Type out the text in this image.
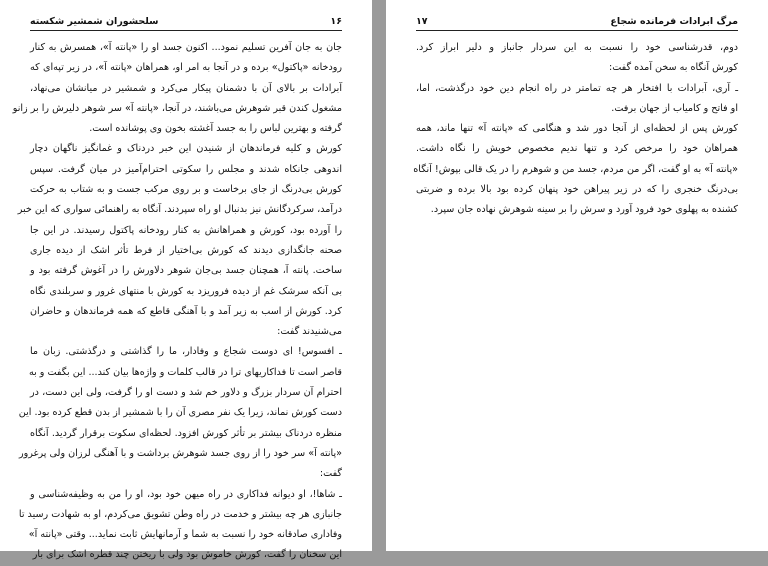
۱۶
سلحشوران شمشیر شکسته
جان به جان آفرین تسلیم نمود... اکنون جسد او را «پانته آ»، همسرش به کنار
رودخانه «پاکتول» برده و در آنجا به امر او، همراهان «پانته آ»، در زیر تپه‌ای که
آبرادات بر بالای آن با دشمنان پیکار می‌کرد و شمشیر در میانشان می‌نهاد،
مشغول کندن قبر شوهرش می‌باشند، در آنجا، «پانته آ» سر شوهر دلیرش را بر زانو
گرفته و بهترین لباس را به جسد آغشته بخون وی پوشانده است.
کورش و کلیه فرماندهان از شنیدن این خبر دردناک و غمانگیز ناگهان دچار
اندوهی جانکاه شدند و مجلس را سکوتی احترام‌آمیز در میان گرفت. سپس
کورش بی‌درنگ از جای برخاست و بر روی مرکب جست و به شتاب به حرکت
درآمد، سرکردگانش نیز بدنبال او راه سپردند. آنگاه به راهنمائی سواری که این خبر
را آورده بود، کورش و همراهانش به کنار رودخانه پاکتول رسیدند. در این جا
صحنه جانگدازی دیدند که کورش بی‌اختیار از فرط تأثر اشک از دیده جاری
ساخت. پانته آ، همچنان جسد بی‌جان شوهر دلاورش را در آغوش گرفته بود و
بی آنکه سرشک غم از دیده فروریزد به کورش با منتهای غرور و سربلندی نگاه
کرد. کورش از اسب به زیر آمد و با آهنگی قاطع که همه فرماندهان و حاضران
می‌شنیدند گفت:
ـ افسوس! ای دوست شجاع و وفادار، ما را گذاشتی و درگذشتی. زبان ما
قاصر است تا فداکاریهای ترا در قالب کلمات و واژه‌ها بیان کند... این بگفت و به
احترام آن سردار بزرگ و دلاور خم شد و دست او را گرفت، ولی این دست، در
دست کورش نماند، زیرا یک نفر مصری آن را با شمشیر از بدن قطع کرده بود. این
منظره دردناک بیشتر بر تأثر کورش افزود. لحظه‌ای سکوت برقرار گردید. آنگاه
«پانته آ» سر خود را از روی جسد شوهرش برداشت و با آهنگی لرزان ولی پرغرور
گفت:
ـ شاها!، او دیوانه فداکاری در راه میهن خود بود، او را من به وظیفه‌شناسی و
جانبازی هر چه بیشتر و خدمت در راه وطن تشویق می‌کردم، او به شهادت رسید تا
وفاداری صادقانه خود را نسبت به شما و آرمانهایش ثابت نماید... وقتی «پانته آ»
این سخنان را گفت، کورش خاموش بود ولی با ریختن چند قطره اشک برای بار
مرگ ابرادات فرمانده شجاع
۱۷
دوم، قدرشناسی خود را نسبت به این سردار جانباز و دلیر ابراز کرد.
کورش آنگاه به سخن آمده گفت:
ـ آری، آبرادات با افتخار هر چه تمامتر در راه انجام دین خود درگذشت، اما،
او فاتح و کامیاب از جهان برفت.
کورش پس از لحظه‌ای از آنجا دور شد و هنگامی که «پانته آ» تنها ماند، همه
همراهان خود را مرخص کرد و تنها ندیم مخصوص خویش را نگاه داشت.
«پانته آ» به او گفت، اگر من مردم، جسد من و شوهرم را در یک قالی بپوش! آنگاه
بی‌درنگ خنجری را که در زیر پیراهن خود پنهان کرده بود بالا برده و ضربتی
کشنده به پهلوی خود فرود آورد و سرش را بر سینه شوهرش نهاده جان سپرد.
